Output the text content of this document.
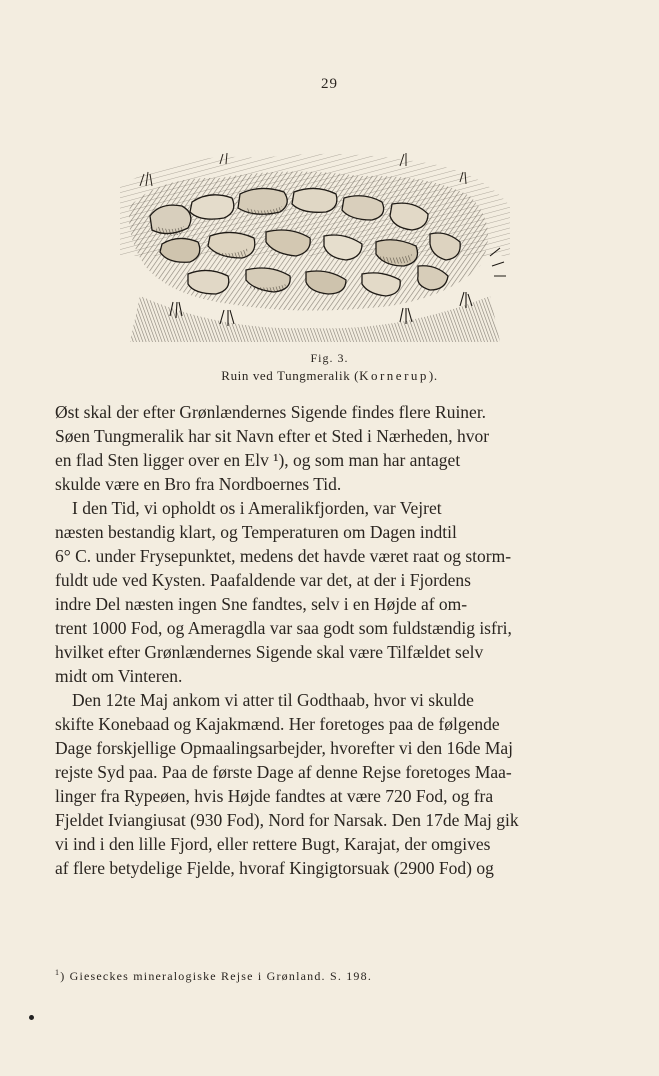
29
Fig. 3.
Ruin ved Tungmeralik (Kornerup).
Øst skal der efter Grønlændernes Sigende findes flere Ruiner.
Søen Tungmeralik har sit Navn efter et Sted i Nærheden, hvor
en flad Sten ligger over en Elv ¹), og som man har antaget
skulde være en Bro fra Nordboernes Tid.
I den Tid, vi opholdt os i Ameralikfjorden, var Vejret
næsten bestandig klart, og Temperaturen om Dagen indtil
6° C. under Frysepunktet, medens det havde været raat og storm-
fuldt ude ved Kysten. Paafaldende var det, at der i Fjordens
indre Del næsten ingen Sne fandtes, selv i en Højde af om-
trent 1000 Fod, og Ameragdla var saa godt som fuldstændig isfri,
hvilket efter Grønlændernes Sigende skal være Tilfældet selv
midt om Vinteren.
Den 12te Maj ankom vi atter til Godthaab, hvor vi skulde
skifte Konebaad og Kajakmænd. Her foretoges paa de følgende
Dage forskjellige Opmaalingsarbejder, hvorefter vi den 16de Maj
rejste Syd paa. Paa de første Dage af denne Rejse foretoges Maa-
linger fra Rypeøen, hvis Højde fandtes at være 720 Fod, og fra
Fjeldet Iviangiusat (930 Fod), Nord for Narsak. Den 17de Maj gik
vi ind i den lille Fjord, eller rettere Bugt, Karajat, der omgives
af flere betydelige Fjelde, hvoraf Kingigtorsuak (2900 Fod) og
$^1$) Gieseckes mineralogiske Rejse i Grønland. S. 198.
